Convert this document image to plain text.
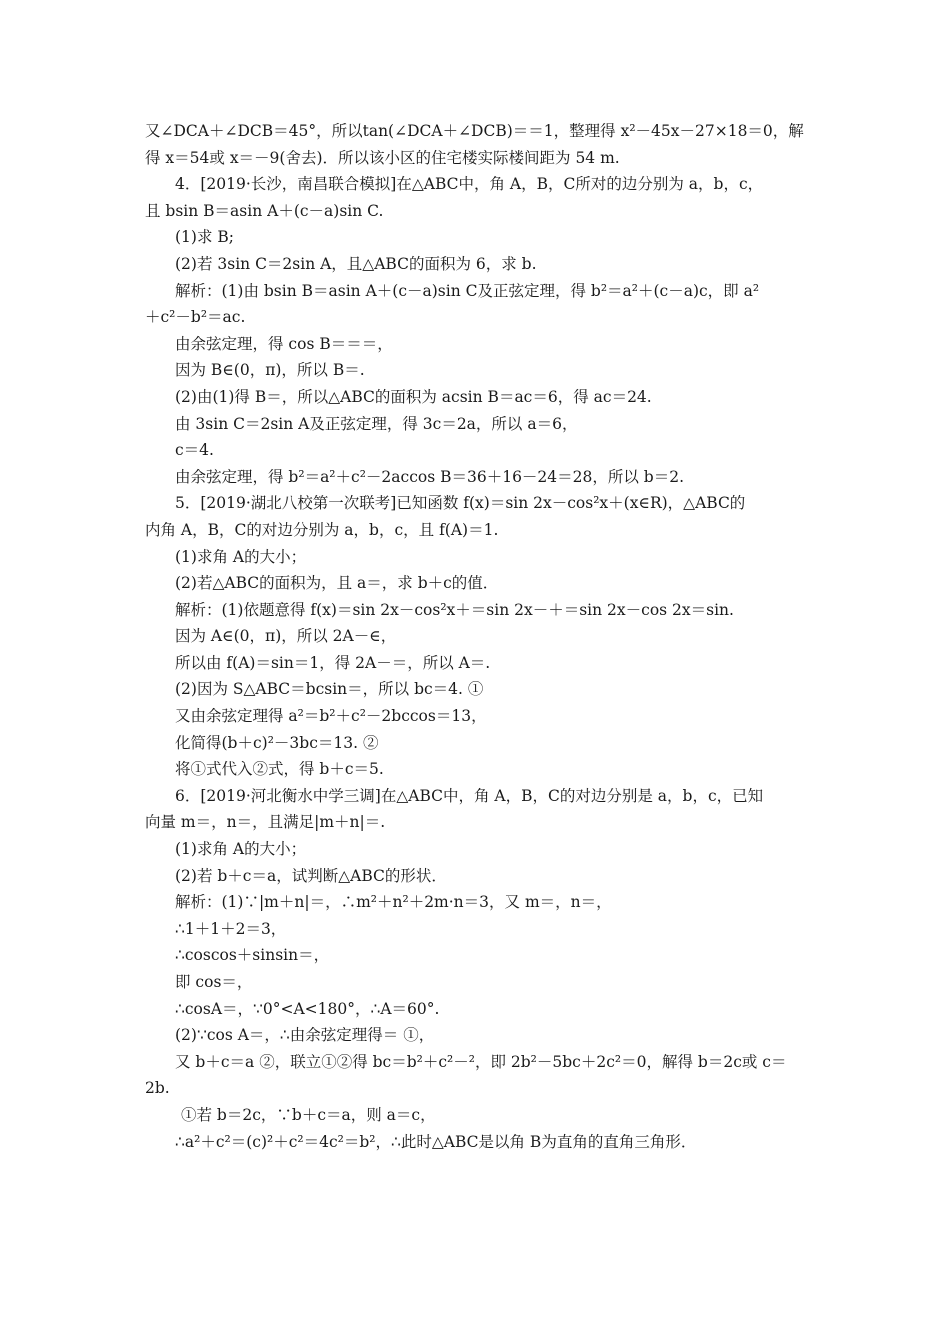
又∠DCA＋∠DCB＝45°，所以tan(∠DCA＋∠DCB)＝＝1，整理得 x²－45x－27×18＝0，解
得 x＝54或 x＝－9(舍去)．所以该小区的住宅楼实际楼间距为 54 m.
4．[2019·长沙，南昌联合模拟]在△ABC中，角 A，B，C所对的边分别为 a，b，c，
且 bsin B＝asin A＋(c－a)sin C.
(1)求 B;
(2)若 3sin C＝2sin A，且△ABC的面积为 6，求 b.
解析：(1)由 bsin B＝asin A＋(c－a)sin C及正弦定理，得 b²＝a²＋(c－a)c，即 a²
＋c²－b²＝ac.
由余弦定理，得 cos B＝＝＝，
因为 B∈(0，π)，所以 B＝.
(2)由(1)得 B＝，所以△ABC的面积为 acsin B＝ac＝6，得 ac＝24.
由 3sin C＝2sin A及正弦定理，得 3c＝2a，所以 a＝6，
c＝4.
由余弦定理，得 b²＝a²＋c²－2accos B＝36＋16－24＝28，所以 b＝2.
5．[2019·湖北八校第一次联考]已知函数 f(x)＝sin 2x－cos²x＋(x∈R)，△ABC的
内角 A，B，C的对边分别为 a，b，c，且 f(A)＝1.
(1)求角 A的大小；
(2)若△ABC的面积为，且 a＝，求 b＋c的值．
解析：(1)依题意得 f(x)＝sin 2x－cos²x＋＝sin 2x－＋＝sin 2x－cos 2x＝sin.
因为 A∈(0，π)，所以 2A－∈，
所以由 f(A)＝sin＝1，得 2A－＝，所以 A＝.
(2)因为 S△ABC＝bcsin＝，所以 bc＝4. ①
又由余弦定理得 a²＝b²＋c²－2bccos＝13，
化简得(b＋c)²－3bc＝13. ②
将①式代入②式，得 b＋c＝5.
6．[2019·河北衡水中学三调]在△ABC中，角 A，B，C的对边分别是 a，b，c，已知
向量 m＝，n＝，且满足|m＋n|＝.
(1)求角 A的大小；
(2)若 b＋c＝a，试判断△ABC的形状．
解析：(1)∵|m＋n|＝，∴m²＋n²＋2m·n＝3，又 m＝，n＝，
∴1＋1＋2＝3，
∴coscos＋sinsin＝，
即 cos＝，
∴cosA＝，∵0°<A<180°，∴A＝60°.
(2)∵cos A＝，∴由余弦定理得＝ ①，
又 b＋c＝a ②，联立①②得 bc＝b²＋c²－²，即 2b²－5bc＋2c²＝0，解得 b＝2c或 c＝
2b.
①若 b＝2c，∵b＋c＝a，则 a＝c，
∴a²＋c²＝(c)²＋c²＝4c²＝b²，∴此时△ABC是以角 B为直角的直角三角形．
